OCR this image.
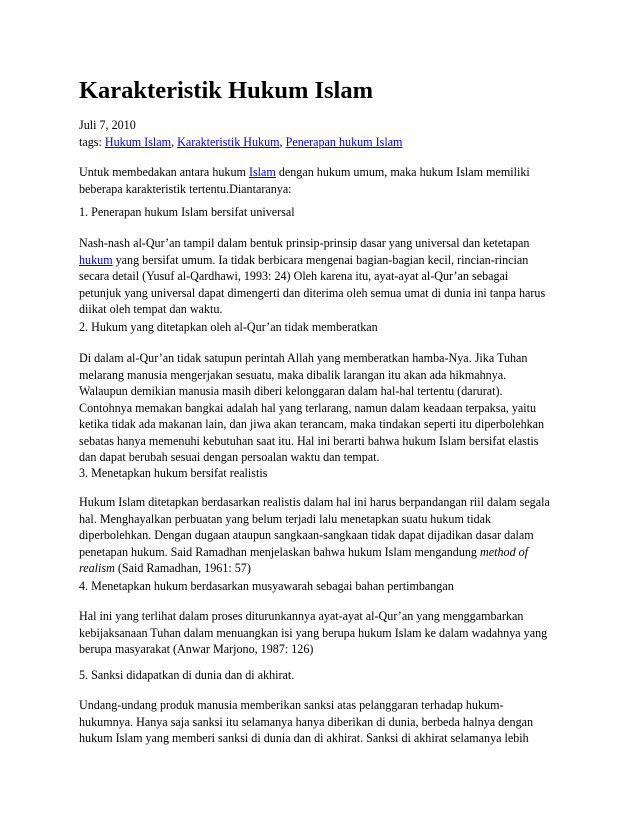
Karakteristik Hukum Islam
Juli 7, 2010
tags: Hukum Islam, Karakteristik Hukum, Penerapan hukum Islam
Untuk membedakan antara hukum Islam dengan hukum umum, maka hukum Islam memiliki
beberapa karakteristik tertentu.Diantaranya:
1. Penerapan hukum Islam bersifat universal
Nash-nash al-Qur’an tampil dalam bentuk prinsip-prinsip dasar yang universal dan ketetapan
hukum yang bersifat umum. Ia tidak berbicara mengenai bagian-bagian kecil, rincian-rincian
secara detail (Yusuf al-Qardhawi, 1993: 24) Oleh karena itu, ayat-ayat al-Qur’an sebagai
petunjuk yang universal dapat dimengerti dan diterima oleh semua umat di dunia ini tanpa harus
diikat oleh tempat dan waktu.
2. Hukum yang ditetapkan oleh al-Qur’an tidak memberatkan
Di dalam al-Qur’an tidak satupun perintah Allah yang memberatkan hamba-Nya. Jika Tuhan
melarang manusia mengerjakan sesuatu, maka dibalik larangan itu akan ada hikmahnya.
Walaupun demikian manusia masih diberi kelonggaran dalam hal-hal tertentu (darurat).
Contohnya memakan bangkai adalah hal yang terlarang, namun dalam keadaan terpaksa, yaitu
ketika tidak ada makanan lain, dan jiwa akan terancam, maka tindakan seperti itu diperbolehkan
sebatas hanya memenuhi kebutuhan saat itu. Hal ini berarti bahwa hukum Islam bersifat elastis
dan dapat berubah sesuai dengan persoalan waktu dan tempat.
3. Menetapkan hukum bersifat realistis
Hukum Islam ditetapkan berdasarkan realistis dalam hal ini harus berpandangan riil dalam segala
hal. Menghayalkan perbuatan yang belum terjadi lalu menetapkan suatu hukum tidak
diperbolehkan. Dengan dugaan ataupun sangkaan-sangkaan tidak dapat dijadikan dasar dalam
penetapan hukum. Said Ramadhan menjelaskan bahwa hukum Islam mengandung method of
realism (Said Ramadhan, 1961: 57)
4. Menetapkan hukum berdasarkan musyawarah sebagai bahan pertimbangan
Hal ini yang terlihat dalam proses diturunkannya ayat-ayat al-Qur’an yang menggambarkan
kebijaksanaan Tuhan dalam menuangkan isi yang berupa hukum Islam ke dalam wadahnya yang
berupa masyarakat (Anwar Marjono, 1987: 126)
5. Sanksi didapatkan di dunia dan di akhirat.
Undang-undang produk manusia memberikan sanksi atas pelanggaran terhadap hukum-
hukumnya. Hanya saja sanksi itu selamanya hanya diberikan di dunia, berbeda halnya dengan
hukum Islam yang memberi sanksi di dunia dan di akhirat. Sanksi di akhirat selamanya lebih
